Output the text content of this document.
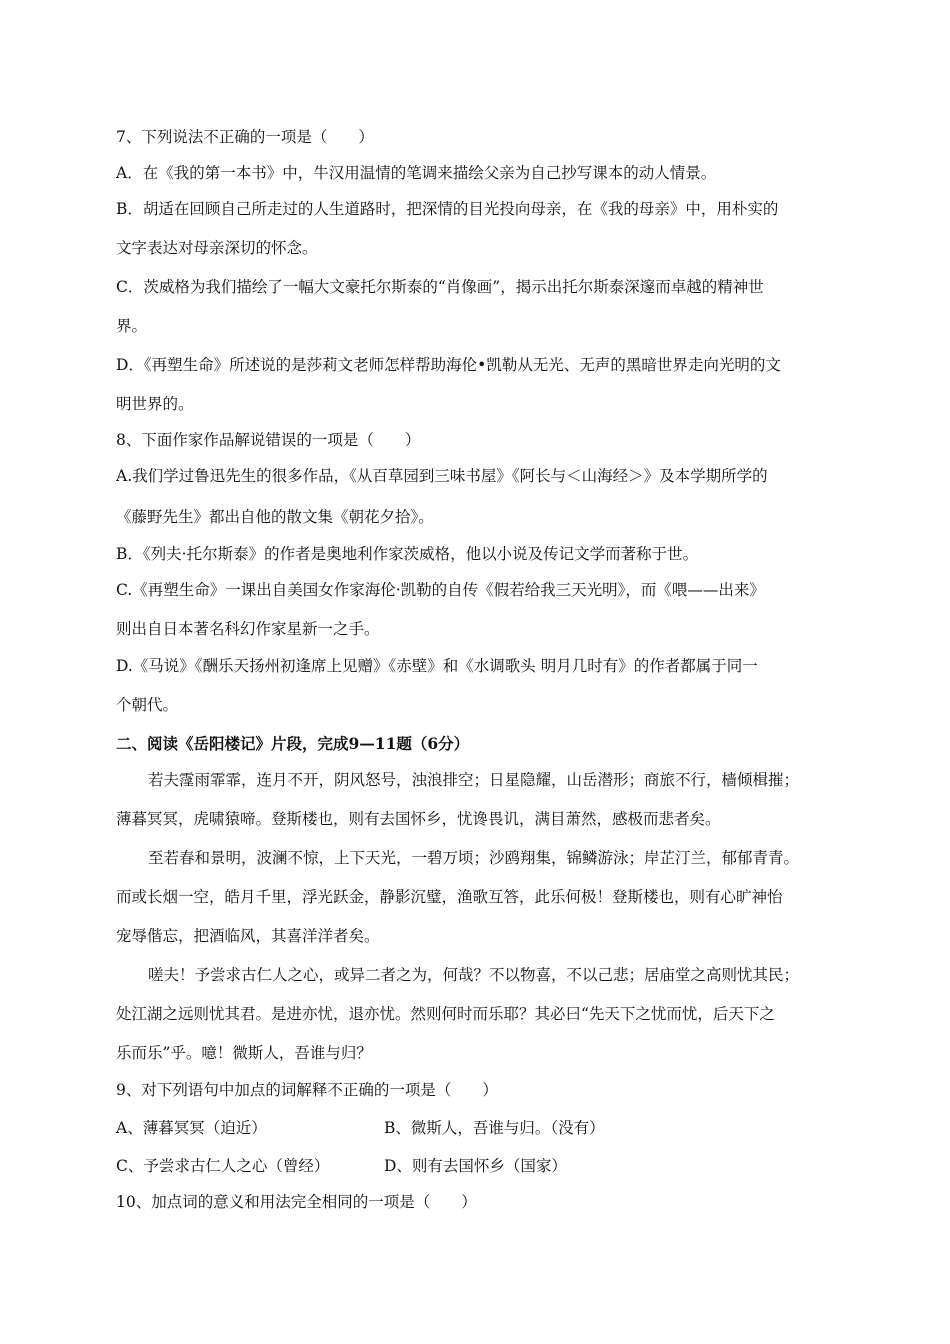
7、下列说法不正确的一项是（　　）
A．在《我的第一本书》中，牛汉用温情的笔调来描绘父亲为自己抄写课本的动人情景。
B．胡适在回顾自己所走过的人生道路时，把深情的目光投向母亲，在《我的母亲》中，用朴实的
文字表达对母亲深切的怀念。
C．茨威格为我们描绘了一幅大文豪托尔斯泰的“肖像画”，揭示出托尔斯泰深邃而卓越的精神世
界。
D．《再塑生命》所述说的是莎莉文老师怎样帮助海伦•凯勒从无光、无声的黑暗世界走向光明的文
明世界的。
8、下面作家作品解说错误的一项是（　　）
A.我们学过鲁迅先生的很多作品，《从百草园到三味书屋》《阿长与＜山海经＞》及本学期所学的
《藤野先生》都出自他的散文集《朝花夕拾》。
B．《列夫·托尔斯泰》的作者是奥地利作家茨威格，他以小说及传记文学而著称于世。
C.《再塑生命》一课出自美国女作家海伦·凯勒的自传《假若给我三天光明》，而《喂——出来》
则出自日本著名科幻作家星新一之手。
D.《马说》《酬乐天扬州初逢席上见赠》《赤壁》和《水调歌头 明月几时有》的作者都属于同一
个朝代。
二、阅读《岳阳楼记》片段，完成9—11题（6分）
若夫霪雨霏霏，连月不开，阴风怒号，浊浪排空；日星隐耀，山岳潜形；商旅不行，樯倾楫摧；
薄暮冥冥，虎啸猿啼。登斯楼也，则有去国怀乡，忧谗畏讥，满目萧然，感极而悲者矣。
至若春和景明，波澜不惊，上下天光，一碧万顷；沙鸥翔集，锦鳞游泳；岸芷汀兰，郁郁青青。
而或长烟一空，皓月千里，浮光跃金，静影沉璧，渔歌互答，此乐何极！登斯楼也，则有心旷神怡
宠辱偕忘，把酒临风，其喜洋洋者矣。
嗟夫！予尝求古仁人之心，或异二者之为，何哉？不以物喜，不以己悲；居庙堂之高则忧其民；
处江湖之远则忧其君。是进亦忧，退亦忧。然则何时而乐耶？其必曰“先天下之忧而忧，后天下之
乐而乐”乎。噫！微斯人，吾谁与归？
9、对下列语句中加点的词解释不正确的一项是（　　）
A、薄暮冥冥（迫近）	B、微斯人，吾谁与归。（没有）
C、予尝求古仁人之心（曾经）	D、则有去国怀乡（国家）
10、加点词的意义和用法完全相同的一项是（　　）
